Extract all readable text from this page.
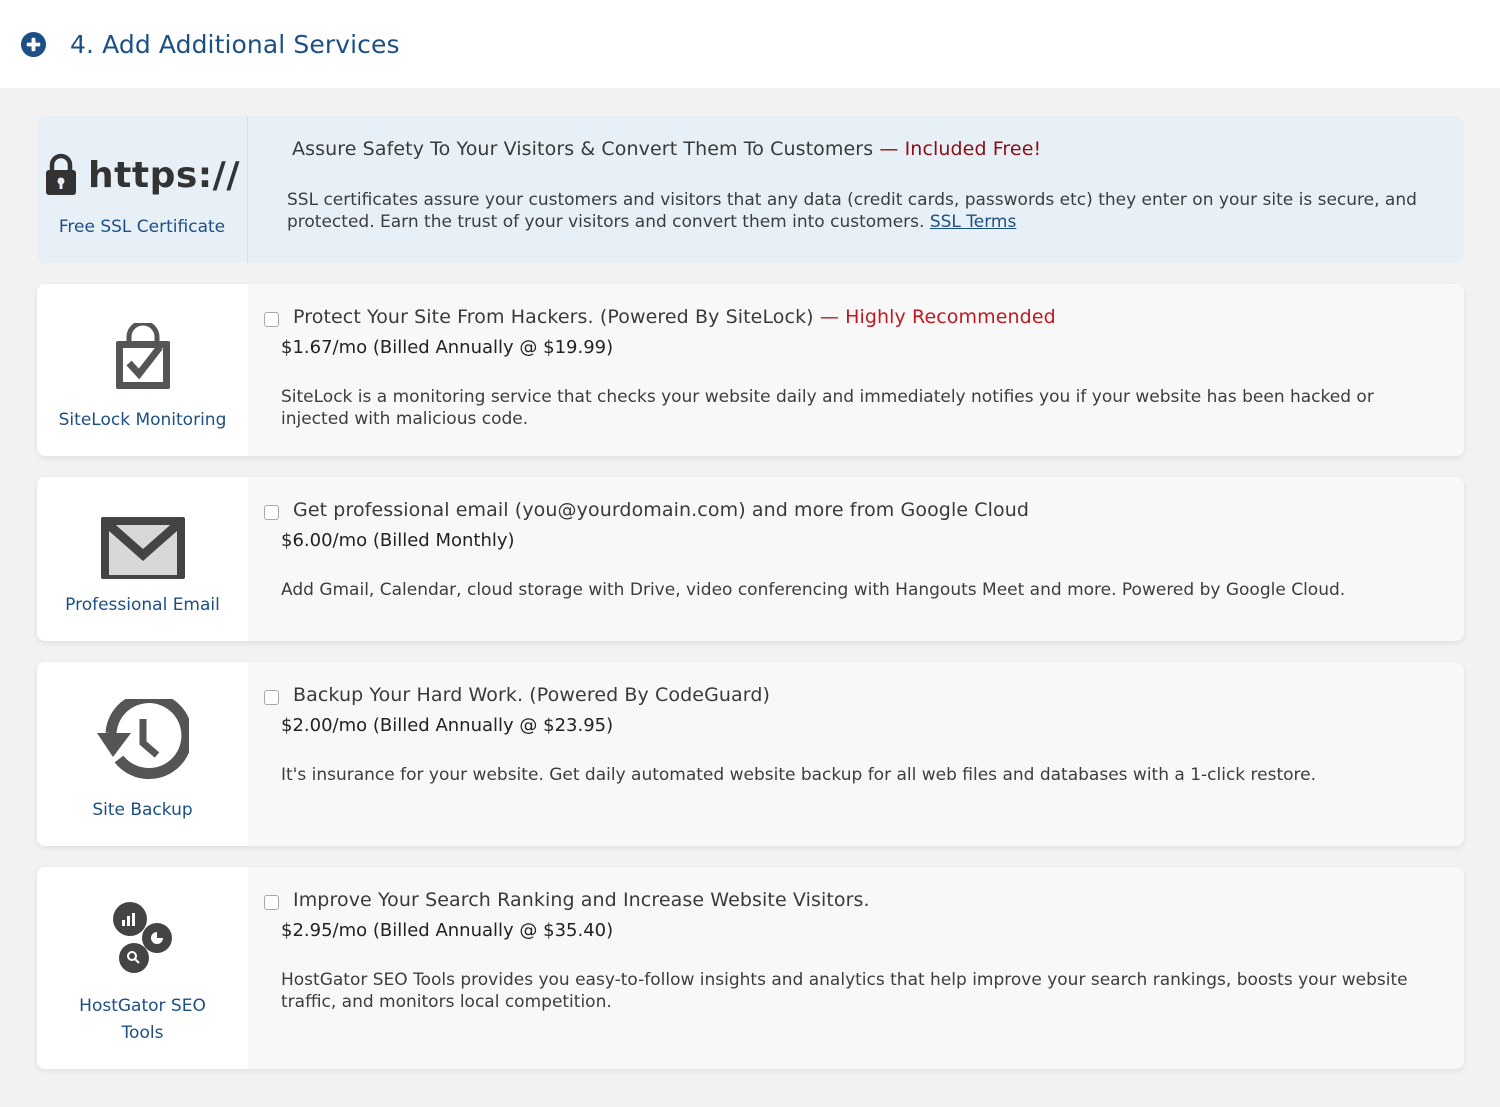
4. Add Additional Services
https://
Free SSL Certificate
Assure Safety To Your Visitors & Convert Them To Customers — Included Free!
SSL certificates assure your customers and visitors that any data (credit cards, passwords etc) they enter on your site is secure, and protected. Earn the trust of your visitors and convert them into customers. SSL Terms
SiteLock Monitoring
Protect Your Site From Hackers. (Powered By SiteLock) — Highly Recommended
$1.67/mo (Billed Annually @ $19.99)
SiteLock is a monitoring service that checks your website daily and immediately notifies you if your website has been hacked or injected with malicious code.
Professional Email
Get professional email (you@yourdomain.com) and more from Google Cloud
$6.00/mo (Billed Monthly)
Add Gmail, Calendar, cloud storage with Drive, video conferencing with Hangouts Meet and more. Powered by Google Cloud.
Site Backup
Backup Your Hard Work. (Powered By CodeGuard)
$2.00/mo (Billed Annually @ $23.95)
It's insurance for your website. Get daily automated website backup for all web files and databases with a 1-click restore.
HostGator SEO
Tools
Improve Your Search Ranking and Increase Website Visitors.
$2.95/mo (Billed Annually @ $35.40)
HostGator SEO Tools provides you easy-to-follow insights and analytics that help improve your search rankings, boosts your website traffic, and monitors local competition.
